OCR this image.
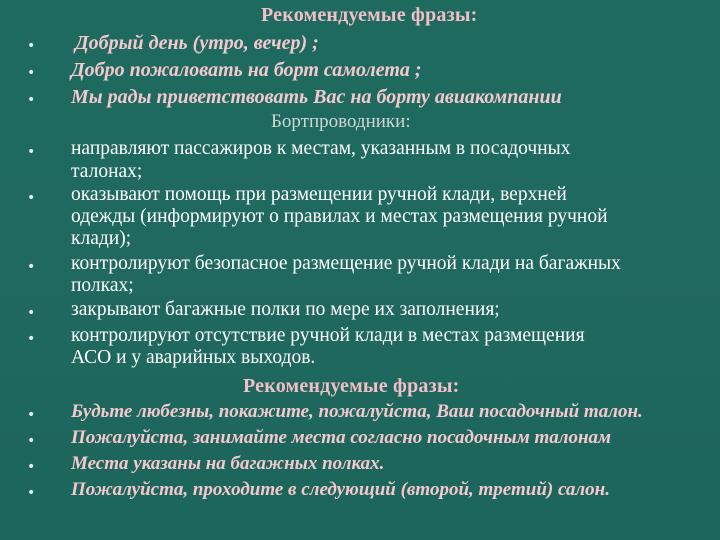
Рекомендуемые фразы:
• Добрый день (утро, вечер) ;
• Добро пожаловать на борт самолета ;
• Мы рады приветствовать Вас на борту авиакомпании
Бортпроводники:
• направляют пассажиров к местам, указанным в посадочных
талонах;
• оказывают помощь при размещении ручной клади, верхней
одежды (информируют о правилах и местах размещения ручной
клади);
• контролируют безопасное размещение ручной клади на багажных
полках;
• закрывают багажные полки по мере их заполнения;
• контролируют отсутствие ручной клади в местах размещения
АСО и у аварийных выходов.
Рекомендуемые фразы:
• Будьте любезны, покажите, пожалуйста, Ваш посадочный талон.
• Пожалуйста, занимайте места согласно посадочным талонам
• Места указаны на багажных полках.
• Пожалуйста, проходите в следующий (второй, третий) салон.
